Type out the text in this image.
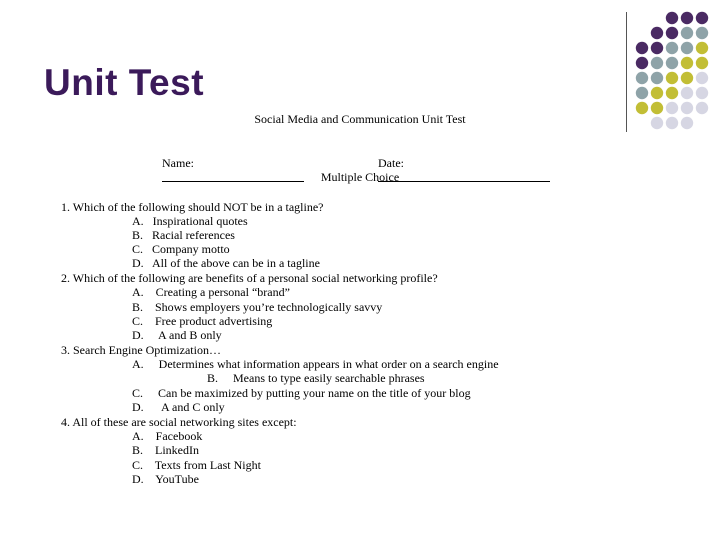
Unit Test
Social Media and Communication Unit Test

Name:

	Date:

Multiple Choice
1. Which of the following should NOT be in a tagline?
A.   Inspirational quotes
B.   Racial references
C.   Company motto
D.   All of the above can be in a tagline
2. Which of the following are benefits of a personal social networking profile?
A.    Creating a personal “brand”
B.    Shows employers you’re technologically savvy
C.    Free product advertising
D.     A and B only
3. Search Engine Optimization…
A.     Determines what information appears in what order on a search engine
B.     Means to type easily searchable phrases
C.     Can be maximized by putting your name on the title of your blog
D.      A and C only
4. All of these are social networking sites except:
A.    Facebook
B.    LinkedIn
C.    Texts from Last Night
D.    YouTube
